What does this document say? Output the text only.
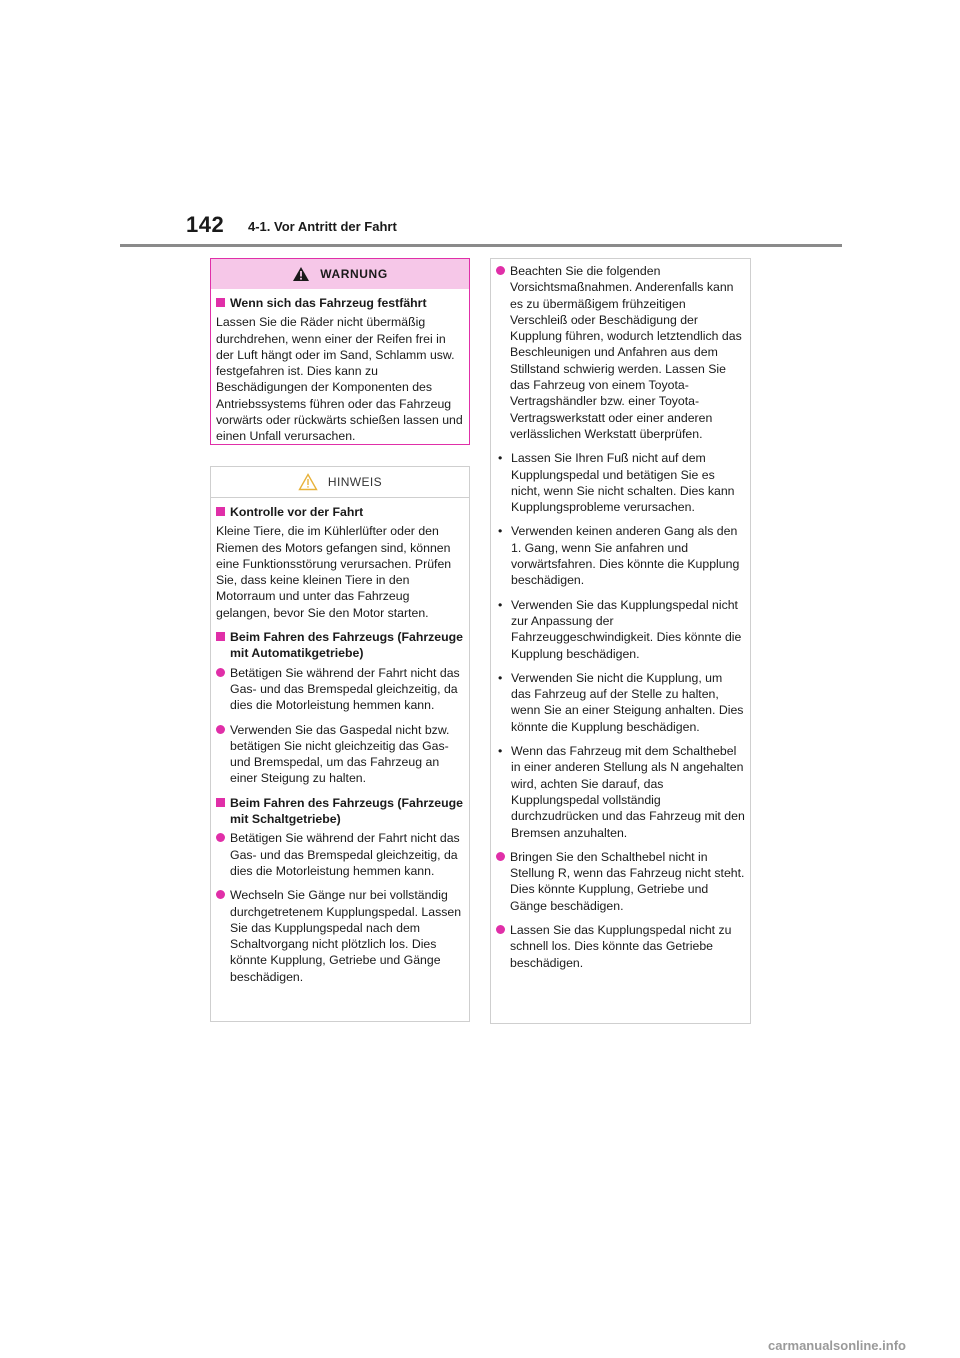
142 4-1. Vor Antritt der Fahrt
WARNUNG
Wenn sich das Fahrzeug festfährt

Lassen Sie die Räder nicht übermäßig durchdrehen, wenn einer der Reifen frei in der Luft hängt oder im Sand, Schlamm usw. festgefahren ist. Dies kann zu Beschädigungen der Komponenten des Antriebssystems führen oder das Fahrzeug vorwärts oder rückwärts schießen lassen und einen Unfall verursachen.

HINWEIS
Kontrolle vor der Fahrt

Kleine Tiere, die im Kühlerlüfter oder den Riemen des Motors gefangen sind, können eine Funktionsstörung verursachen. Prüfen Sie, dass keine kleinen Tiere in den Motorraum und unter das Fahrzeug gelangen, bevor Sie den Motor starten.

Beim Fahren des Fahrzeugs (Fahrzeuge mit Automatikgetriebe)
Betätigen Sie während der Fahrt nicht das Gas- und das Bremspedal gleichzeitig, da dies die Motorleistung hemmen kann.
Verwenden Sie das Gaspedal nicht bzw. betätigen Sie nicht gleichzeitig das Gas- und Bremspedal, um das Fahrzeug an einer Steigung zu halten.
Beim Fahren des Fahrzeugs (Fahrzeuge mit Schaltgetriebe)
Betätigen Sie während der Fahrt nicht das Gas- und das Bremspedal gleichzeitig, da dies die Motorleistung hemmen kann.
Wechseln Sie Gänge nur bei vollständig durchgetretenem Kupplungspedal. Lassen Sie das Kupplungspedal nach dem Schaltvorgang nicht plötzlich los. Dies könnte Kupplung, Getriebe und Gänge beschädigen.
Beachten Sie die folgenden Vorsichtsmaßnahmen. Anderenfalls kann es zu übermäßigem frühzeitigen Verschleiß oder Beschädigung der Kupplung führen, wodurch letztendlich das Beschleunigen und Anfahren aus dem Stillstand schwierig werden. Lassen Sie das Fahrzeug von einem Toyota-Vertragshändler bzw. einer Toyota-Vertragswerkstatt oder einer anderen verlässlichen Werkstatt überprüfen.
• Lassen Sie Ihren Fuß nicht auf dem Kupplungspedal und betätigen Sie es nicht, wenn Sie nicht schalten. Dies kann Kupplungsprobleme verursachen.
• Verwenden keinen anderen Gang als den 1. Gang, wenn Sie anfahren und vorwärtsfahren. Dies könnte die Kupplung beschädigen.
• Verwenden Sie das Kupplungspedal nicht zur Anpassung der Fahrzeuggeschwindigkeit. Dies könnte die Kupplung beschädigen.
• Verwenden Sie nicht die Kupplung, um das Fahrzeug auf der Stelle zu halten, wenn Sie an einer Steigung anhalten. Dies könnte die Kupplung beschädigen.
• Wenn das Fahrzeug mit dem Schalthebel in einer anderen Stellung als N angehalten wird, achten Sie darauf, das Kupplungspedal vollständig durchzudrücken und das Fahrzeug mit den Bremsen anzuhalten.
Bringen Sie den Schalthebel nicht in Stellung R, wenn das Fahrzeug nicht steht. Dies könnte Kupplung, Getriebe und Gänge beschädigen.
Lassen Sie das Kupplungspedal nicht zu schnell los. Dies könnte das Getriebe beschädigen.
carmanualsonline.info
